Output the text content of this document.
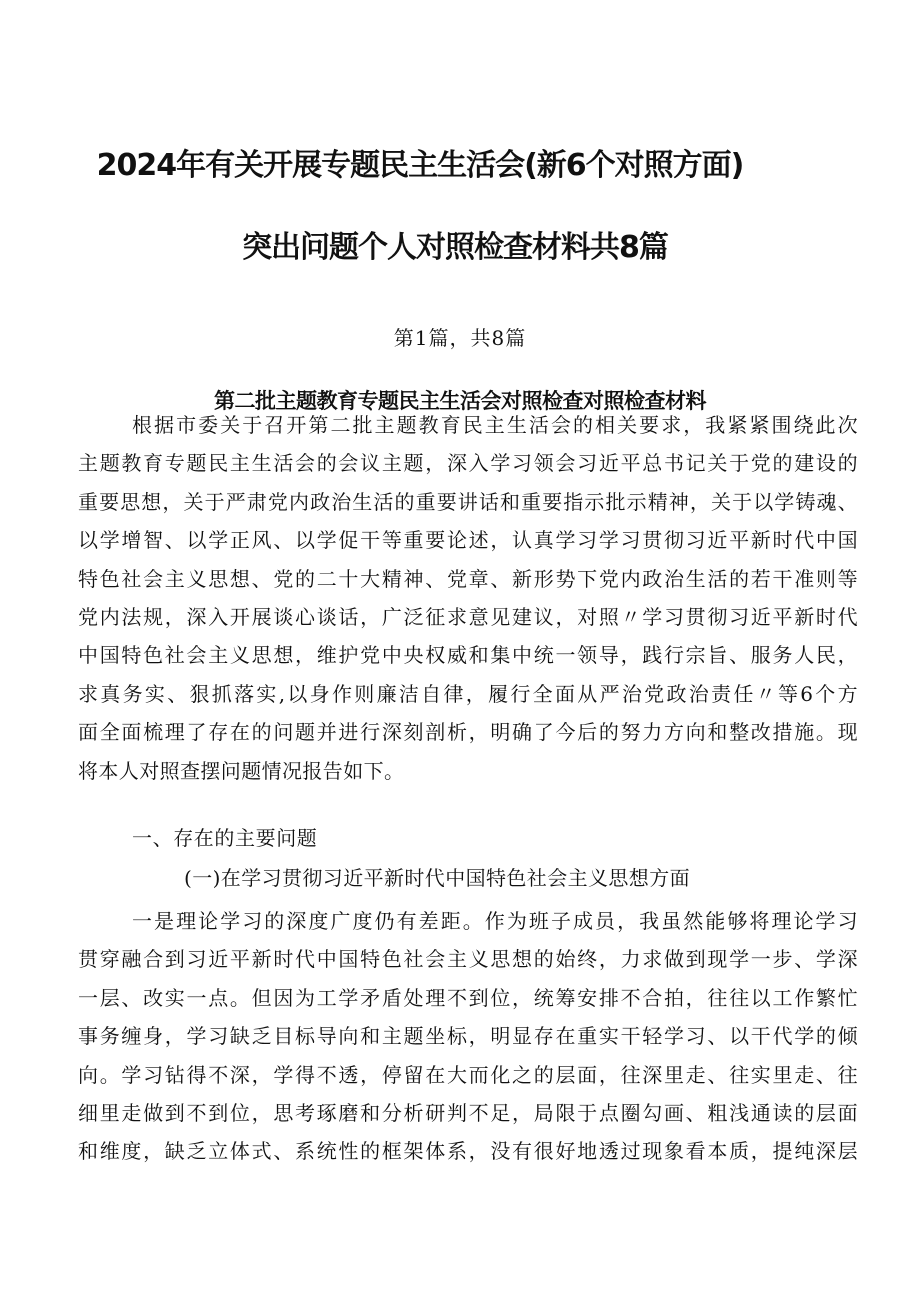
2024年有关开展专题民主生活会(新6个对照方面)
突出问题个人对照检查材料共8篇
第1篇，共8篇
第二批主题教育专题民主生活会对照检查对照检查材料
根据市委关于召开第二批主题教育民主生活会的相关要求，我紧紧围绕此次
主题教育专题民主生活会的会议主题，深入学习领会习近平总书记关于党的建设的
重要思想，关于严肃党内政治生活的重要讲话和重要指示批示精神，关于以学铸魂、
以学增智、以学正风、以学促干等重要论述，认真学习学习贯彻习近平新时代中国
特色社会主义思想、党的二十大精神、党章、新形势下党内政治生活的若干准则等
党内法规，深入开展谈心谈话，广泛征求意见建议，对照〃学习贯彻习近平新时代
中国特色社会主义思想，维护党中央权威和集中统一领导，践行宗旨、服务人民，
求真务实、狠抓落实,以身作则廉洁自律，履行全面从严治党政治责任〃等6个方
面全面梳理了存在的问题并进行深刻剖析，明确了今后的努力方向和整改措施。现
将本人对照查摆问题情况报告如下。
一、存在的主要问题
(一)在学习贯彻习近平新时代中国特色社会主义思想方面
一是理论学习的深度广度仍有差距。作为班子成员，我虽然能够将理论学习
贯穿融合到习近平新时代中国特色社会主义思想的始终，力求做到现学一步、学深
一层、改实一点。但因为工学矛盾处理不到位，统筹安排不合拍，往往以工作繁忙
事务缠身，学习缺乏目标导向和主题坐标，明显存在重实干轻学习、以干代学的倾
向。学习钻得不深，学得不透，停留在大而化之的层面，往深里走、往实里走、往
细里走做到不到位，思考琢磨和分析研判不足，局限于点圈勾画、粗浅通读的层面
和维度，缺乏立体式、系统性的框架体系，没有很好地透过现象看本质，提纯深层
